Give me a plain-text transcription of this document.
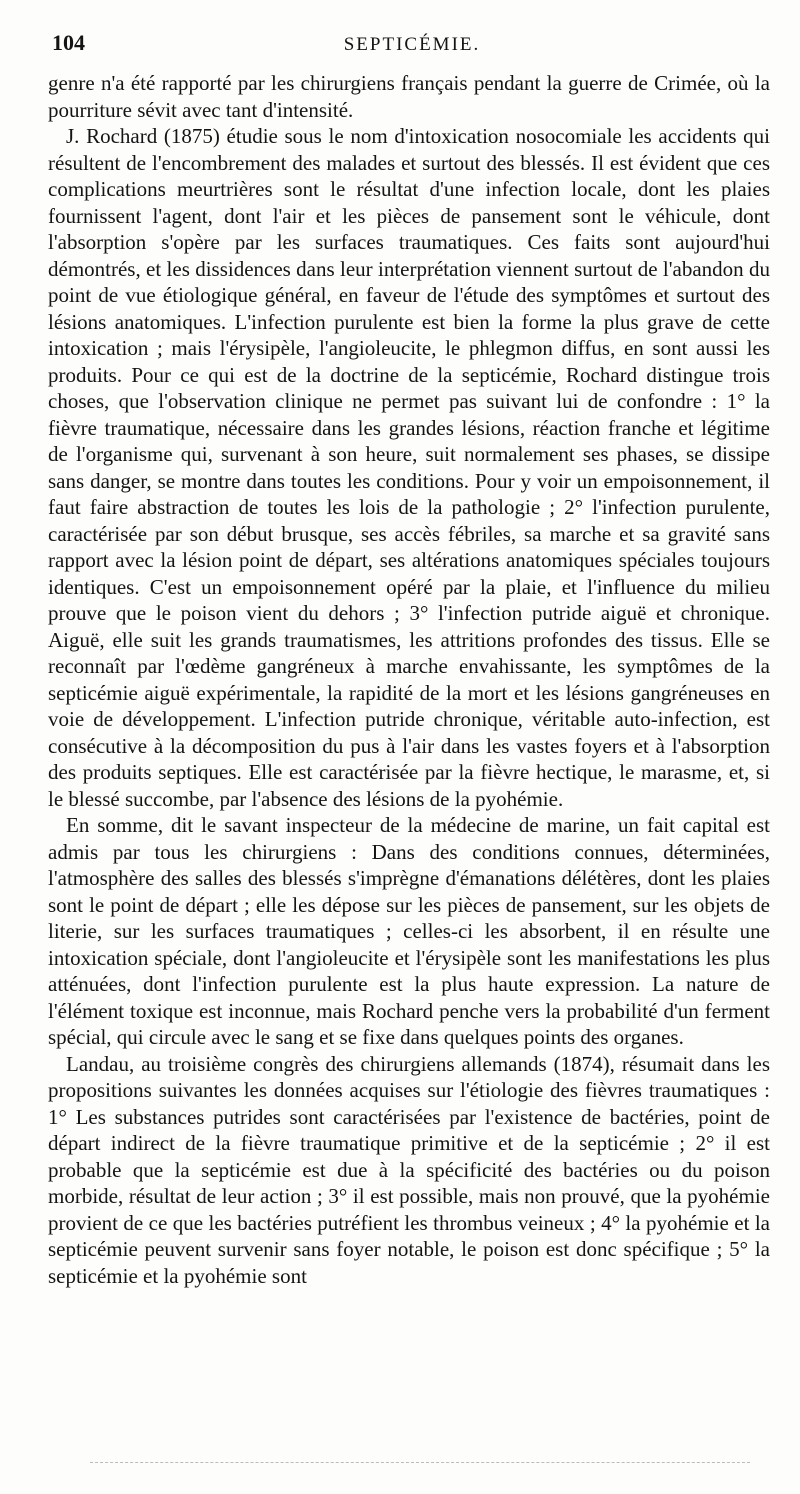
104	SEPTICÉMIE.

genre n'a été rapporté par les chirurgiens français pendant la guerre de Crimée, où la pourriture sévit avec tant d'intensité.

J. Rochard (1875) étudie sous le nom d'intoxication nosocomiale les accidents qui résultent de l'encombrement des malades et surtout des blessés. Il est évident que ces complications meurtrières sont le résultat d'une infection locale, dont les plaies fournissent l'agent, dont l'air et les pièces de pansement sont le véhicule, dont l'absorption s'opère par les surfaces traumatiques. Ces faits sont aujourd'hui démontrés, et les dissidences dans leur interprétation viennent surtout de l'abandon du point de vue étiologique général, en faveur de l'étude des symptômes et surtout des lésions anatomiques. L'infection purulente est bien la forme la plus grave de cette intoxication ; mais l'érysipèle, l'angioleucite, le phlegmon diffus, en sont aussi les produits. Pour ce qui est de la doctrine de la septicémie, Rochard distingue trois choses, que l'observation clinique ne permet pas suivant lui de confondre : 1° la fièvre traumatique, nécessaire dans les grandes lésions, réaction franche et légitime de l'organisme qui, survenant à son heure, suit normalement ses phases, se dissipe sans danger, se montre dans toutes les conditions. Pour y voir un empoisonnement, il faut faire abstraction de toutes les lois de la pathologie ; 2° l'infection purulente, caractérisée par son début brusque, ses accès fébriles, sa marche et sa gravité sans rapport avec la lésion point de départ, ses altérations anatomiques spéciales toujours identiques. C'est un empoisonnement opéré par la plaie, et l'influence du milieu prouve que le poison vient du dehors ; 3° l'infection putride aiguë et chronique. Aiguë, elle suit les grands traumatismes, les attritions profondes des tissus. Elle se reconnaît par l'œdème gangréneux à marche envahissante, les symptômes de la septicémie aiguë expérimentale, la rapidité de la mort et les lésions gangréneuses en voie de développement. L'infection putride chronique, véritable auto-infection, est consécutive à la décomposition du pus à l'air dans les vastes foyers et à l'absorption des produits septiques. Elle est caractérisée par la fièvre hectique, le marasme, et, si le blessé succombe, par l'absence des lésions de la pyohémie.

En somme, dit le savant inspecteur de la médecine de marine, un fait capital est admis par tous les chirurgiens : Dans des conditions connues, déterminées, l'atmosphère des salles des blessés s'imprègne d'émanations délétères, dont les plaies sont le point de départ ; elle les dépose sur les pièces de pansement, sur les objets de literie, sur les surfaces traumatiques ; celles-ci les absorbent, il en résulte une intoxication spéciale, dont l'angioleucite et l'érysipèle sont les manifestations les plus atténuées, dont l'infection purulente est la plus haute expression. La nature de l'élément toxique est inconnue, mais Rochard penche vers la probabilité d'un ferment spécial, qui circule avec le sang et se fixe dans quelques points des organes.

Landau, au troisième congrès des chirurgiens allemands (1874), résumait dans les propositions suivantes les données acquises sur l'étiologie des fièvres traumatiques : 1° Les substances putrides sont caractérisées par l'existence de bactéries, point de départ indirect de la fièvre traumatique primitive et de la septicémie ; 2° il est probable que la septicémie est due à la spécificité des bactéries ou du poison morbide, résultat de leur action ; 3° il est possible, mais non prouvé, que la pyohémie provient de ce que les bactéries putréfient les thrombus veineux ; 4° la pyohémie et la septicémie peuvent survenir sans foyer notable, le poison est donc spécifique ; 5° la septicémie et la pyohémie sont
